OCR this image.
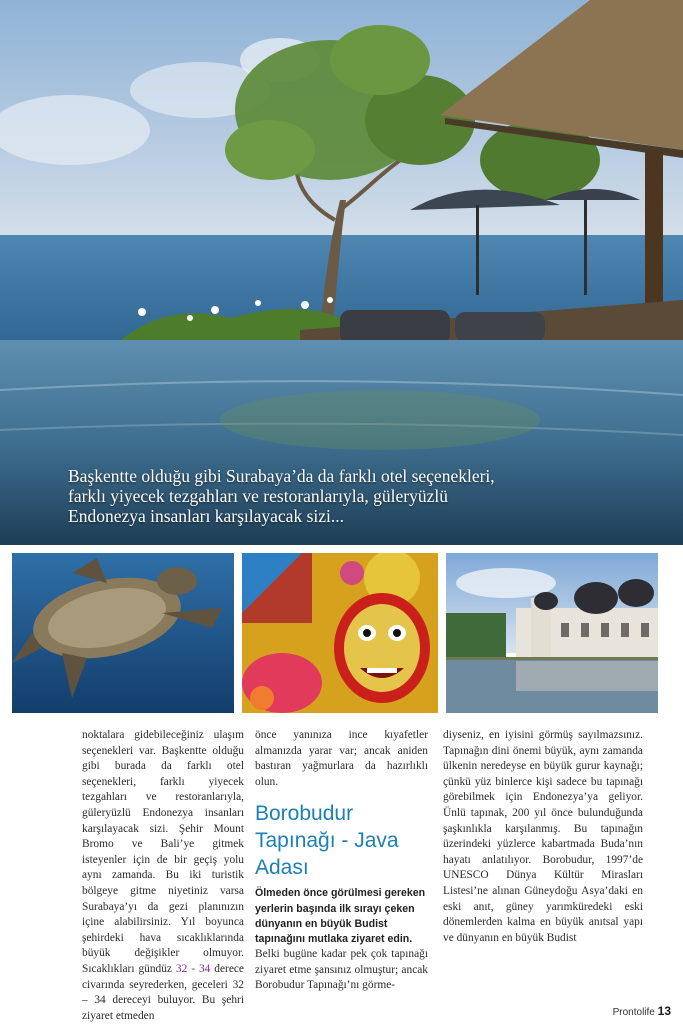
Başkentte olduğu gibi Surabaya’da da farklı otel seçenekleri, farklı yiyecek tezgahları ve restoranlarıyla, güleryüzlü Endonezya insanları karşılayacak sizi...

noktalara gidebileceğiniz ulaşım seçenekleri var. Başkentte olduğu gibi burada da farklı otel seçenekleri, farklı yiyecek tezgahları ve restoranlarıyla, güleryüzlü Endonezya insanları karşılayacak sizi. Şehir Mount Bromo ve Bali’ye gitmek isteyenler için de bir geçiş yolu aynı zamanda. Bu iki turistik bölgeye gitme niyetiniz varsa Surabaya’yı da gezi planınızın içine alabilirsiniz. Yıl boyunca şehirdeki hava sıcaklıklarında büyük değişikler olmuyor. Sıcaklıkları gündüz 32 - 34 derece civarında seyrederken, geceleri 32 – 34 dereceyi buluyor. Bu şehri ziyaret etmeden

önce yanınıza ince kıyafetler almanızda yarar var; ancak aniden bastıran yağmurlara da hazırlıklı olun.

Borobudur Tapınağı - Java Adası

Ölmeden önce görülmesi gereken yerlerin başında ilk sırayı çeken dünyanın en büyük Budist tapınağını mutlaka ziyaret edin.

Belki bugüne kadar pek çok tapınağı ziyaret etme şansınız olmuştur; ancak Borobudur Tapınağı’nı görme-

diyseniz, en iyisini görmüş sayılmazsınız. Tapınağın dini önemi büyük, aynı zamanda ülkenin neredeyse en büyük gurur kaynağı; çünkü yüz binlerce kişi sadece bu tapınağı görebilmek için Endonezya’ya geliyor. Ünlü tapınak, 200 yıl önce bulunduğunda şaşkınlıkla karşılanmış. Bu tapınağın üzerindeki yüzlerce kabartmada Buda’nın hayatı anlatılıyor. Borobudur, 1997’de UNESCO Dünya Kültür Mirasları Listesi’ne alınan Güneydoğu Asya’daki en eski anıt, güney yarımküredeki eski dönemlerden kalma en büyük anıtsal yapı ve dünyanın en büyük Budist

Prontolife 13
